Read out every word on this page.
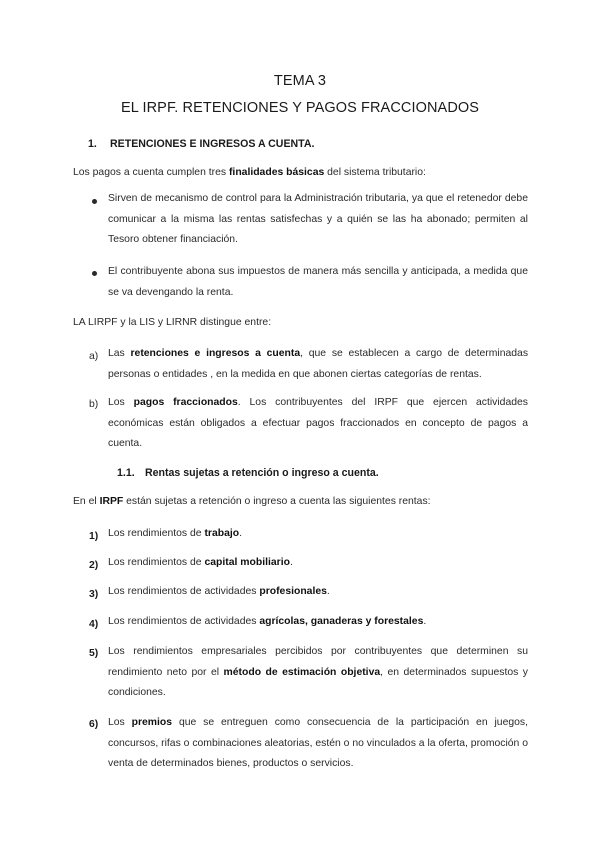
TEMA 3
EL IRPF. RETENCIONES Y PAGOS FRACCIONADOS
1. RETENCIONES E INGRESOS A CUENTA.
Los pagos a cuenta cumplen tres finalidades básicas del sistema tributario:
Sirven de mecanismo de control para la Administración tributaria, ya que el retenedor debe comunicar a la misma las rentas satisfechas y a quién se las ha abonado; permiten al Tesoro obtener financiación.
El contribuyente abona sus impuestos de manera más sencilla y anticipada, a medida que se va devengando la renta.
LA LIRPF y la LIS y LIRNR distingue entre:
a) Las retenciones e ingresos a cuenta, que se establecen a cargo de determinadas personas o entidades , en la medida en que abonen ciertas categorías de rentas.
b) Los pagos fraccionados. Los contribuyentes del IRPF que ejercen actividades económicas están obligados a efectuar pagos fraccionados en concepto de pagos a cuenta.
1.1. Rentas sujetas a retención o ingreso a cuenta.
En el IRPF están sujetas a retención o ingreso a cuenta las siguientes rentas:
1) Los rendimientos de trabajo.
2) Los rendimientos de capital mobiliario.
3) Los rendimientos de actividades profesionales.
4) Los rendimientos de actividades agrícolas, ganaderas y forestales.
5) Los rendimientos empresariales percibidos por contribuyentes que determinen su rendimiento neto por el método de estimación objetiva, en determinados supuestos y condiciones.
6) Los premios que se entreguen como consecuencia de la participación en juegos, concursos, rifas o combinaciones aleatorias, estén o no vinculados a la oferta, promoción o venta de determinados bienes, productos o servicios.
